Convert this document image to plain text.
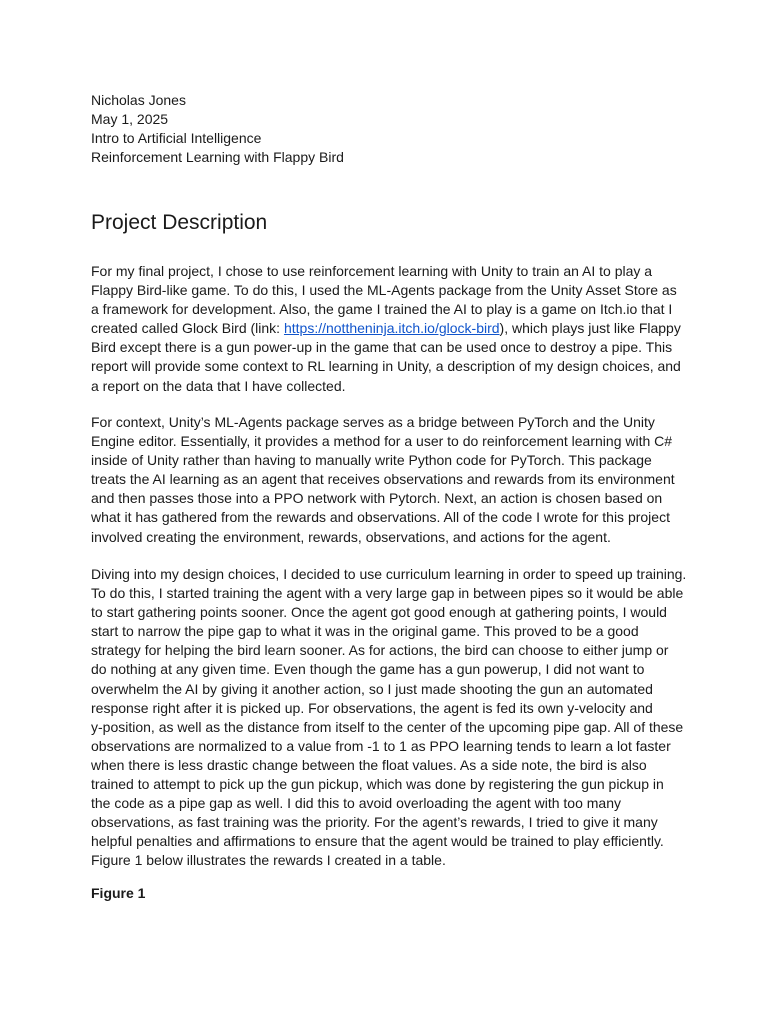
Nicholas Jones
May 1, 2025
Intro to Artificial Intelligence
Reinforcement Learning with Flappy Bird
Project Description

For my final project, I chose to use reinforcement learning with Unity to train an AI to play a
Flappy Bird-like game. To do this, I used the ML-Agents package from the Unity Asset Store as
a framework for development. Also, the game I trained the AI to play is a game on Itch.io that I
created called Glock Bird (link: https://nottheninja.itch.io/glock-bird), which plays just like Flappy
Bird except there is a gun power-up in the game that can be used once to destroy a pipe. This
report will provide some context to RL learning in Unity, a description of my design choices, and
a report on the data that I have collected.

For context, Unity’s ML-Agents package serves as a bridge between PyTorch and the Unity
Engine editor. Essentially, it provides a method for a user to do reinforcement learning with C#
inside of Unity rather than having to manually write Python code for PyTorch. This package
treats the AI learning as an agent that receives observations and rewards from its environment
and then passes those into a PPO network with Pytorch. Next, an action is chosen based on
what it has gathered from the rewards and observations. All of the code I wrote for this project
involved creating the environment, rewards, observations, and actions for the agent.

Diving into my design choices, I decided to use curriculum learning in order to speed up training.
To do this, I started training the agent with a very large gap in between pipes so it would be able
to start gathering points sooner. Once the agent got good enough at gathering points, I would
start to narrow the pipe gap to what it was in the original game. This proved to be a good
strategy for helping the bird learn sooner. As for actions, the bird can choose to either jump or
do nothing at any given time. Even though the game has a gun powerup, I did not want to
overwhelm the AI by giving it another action, so I just made shooting the gun an automated
response right after it is picked up. For observations, the agent is fed its own y-velocity and
y-position, as well as the distance from itself to the center of the upcoming pipe gap. All of these
observations are normalized to a value from -1 to 1 as PPO learning tends to learn a lot faster
when there is less drastic change between the float values. As a side note, the bird is also
trained to attempt to pick up the gun pickup, which was done by registering the gun pickup in
the code as a pipe gap as well. I did this to avoid overloading the agent with too many
observations, as fast training was the priority. For the agent’s rewards, I tried to give it many
helpful penalties and affirmations to ensure that the agent would be trained to play efficiently.
Figure 1 below illustrates the rewards I created in a table.

Figure 1
